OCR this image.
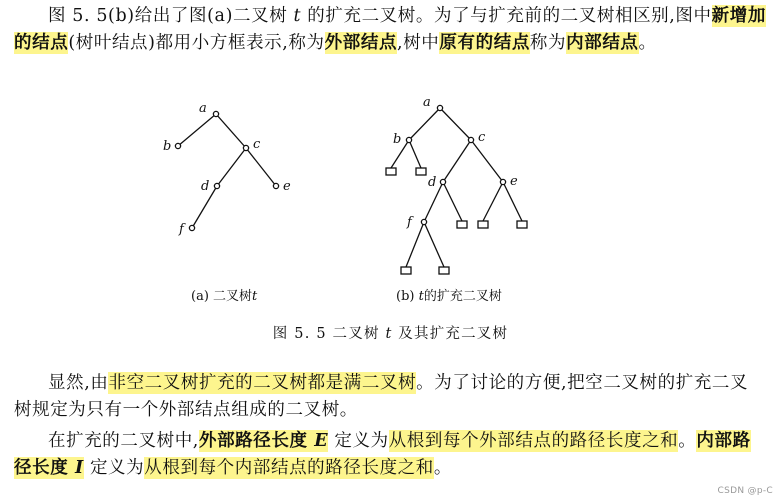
图 5. 5(b)给出了图(a)二叉树 t 的扩充二叉树。为了与扩充前的二叉树相区别,图中新增加的结点(树叶结点)都用小方框表示,称为外部结点,树中原有的结点称为内部结点。

a
b	c
d	e
f
a
b	c
d	e
f
(a) 二叉树t	(b) t的扩充二叉树
图 5. 5 二叉树 t 及其扩充二叉树

显然,由非空二叉树扩充的二叉树都是满二叉树。为了讨论的方便,把空二叉树的扩充二叉树规定为只有一个外部结点组成的二叉树。

在扩充的二叉树中,外部路径长度 E 定义为从根到每个外部结点的路径长度之和。内部路径长度 I 定义为从根到每个内部结点的路径长度之和。

CSDN @p-C
